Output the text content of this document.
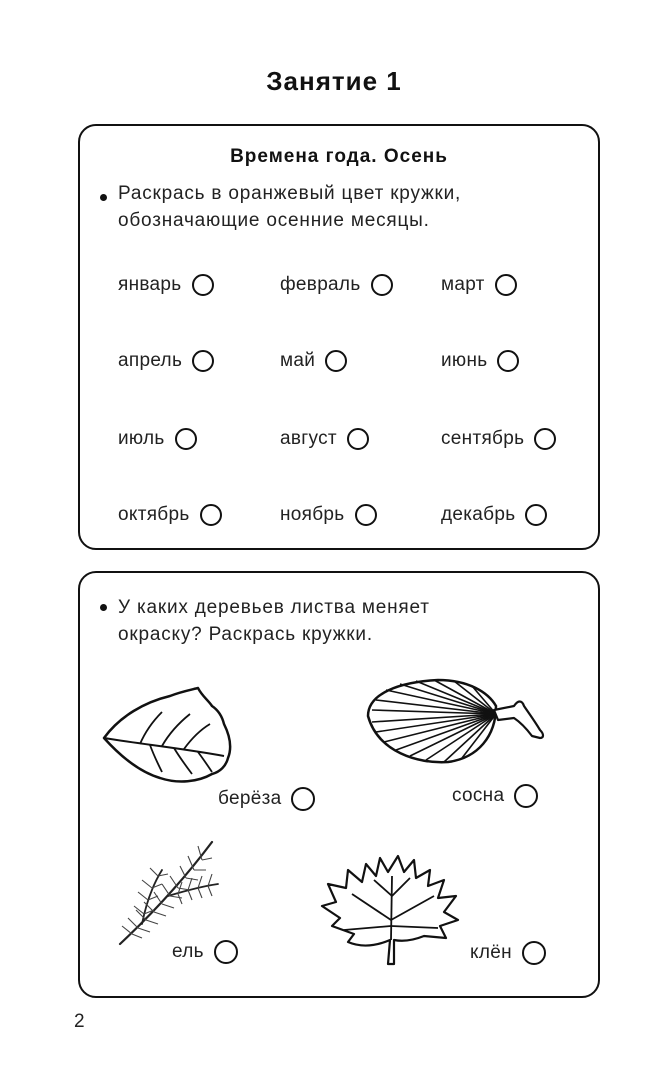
Занятие 1
Времена года. Осень
Раскрась в оранжевый цвет кружки,
обозначающие осенние месяцы.
январь	февраль	март
апрель	май	июнь
июль	август	сентябрь
октябрь	ноябрь	декабрь
У каких деревьев листва меняет
окраску? Раскрась кружки.
берёза	сосна
ель	клён
2
